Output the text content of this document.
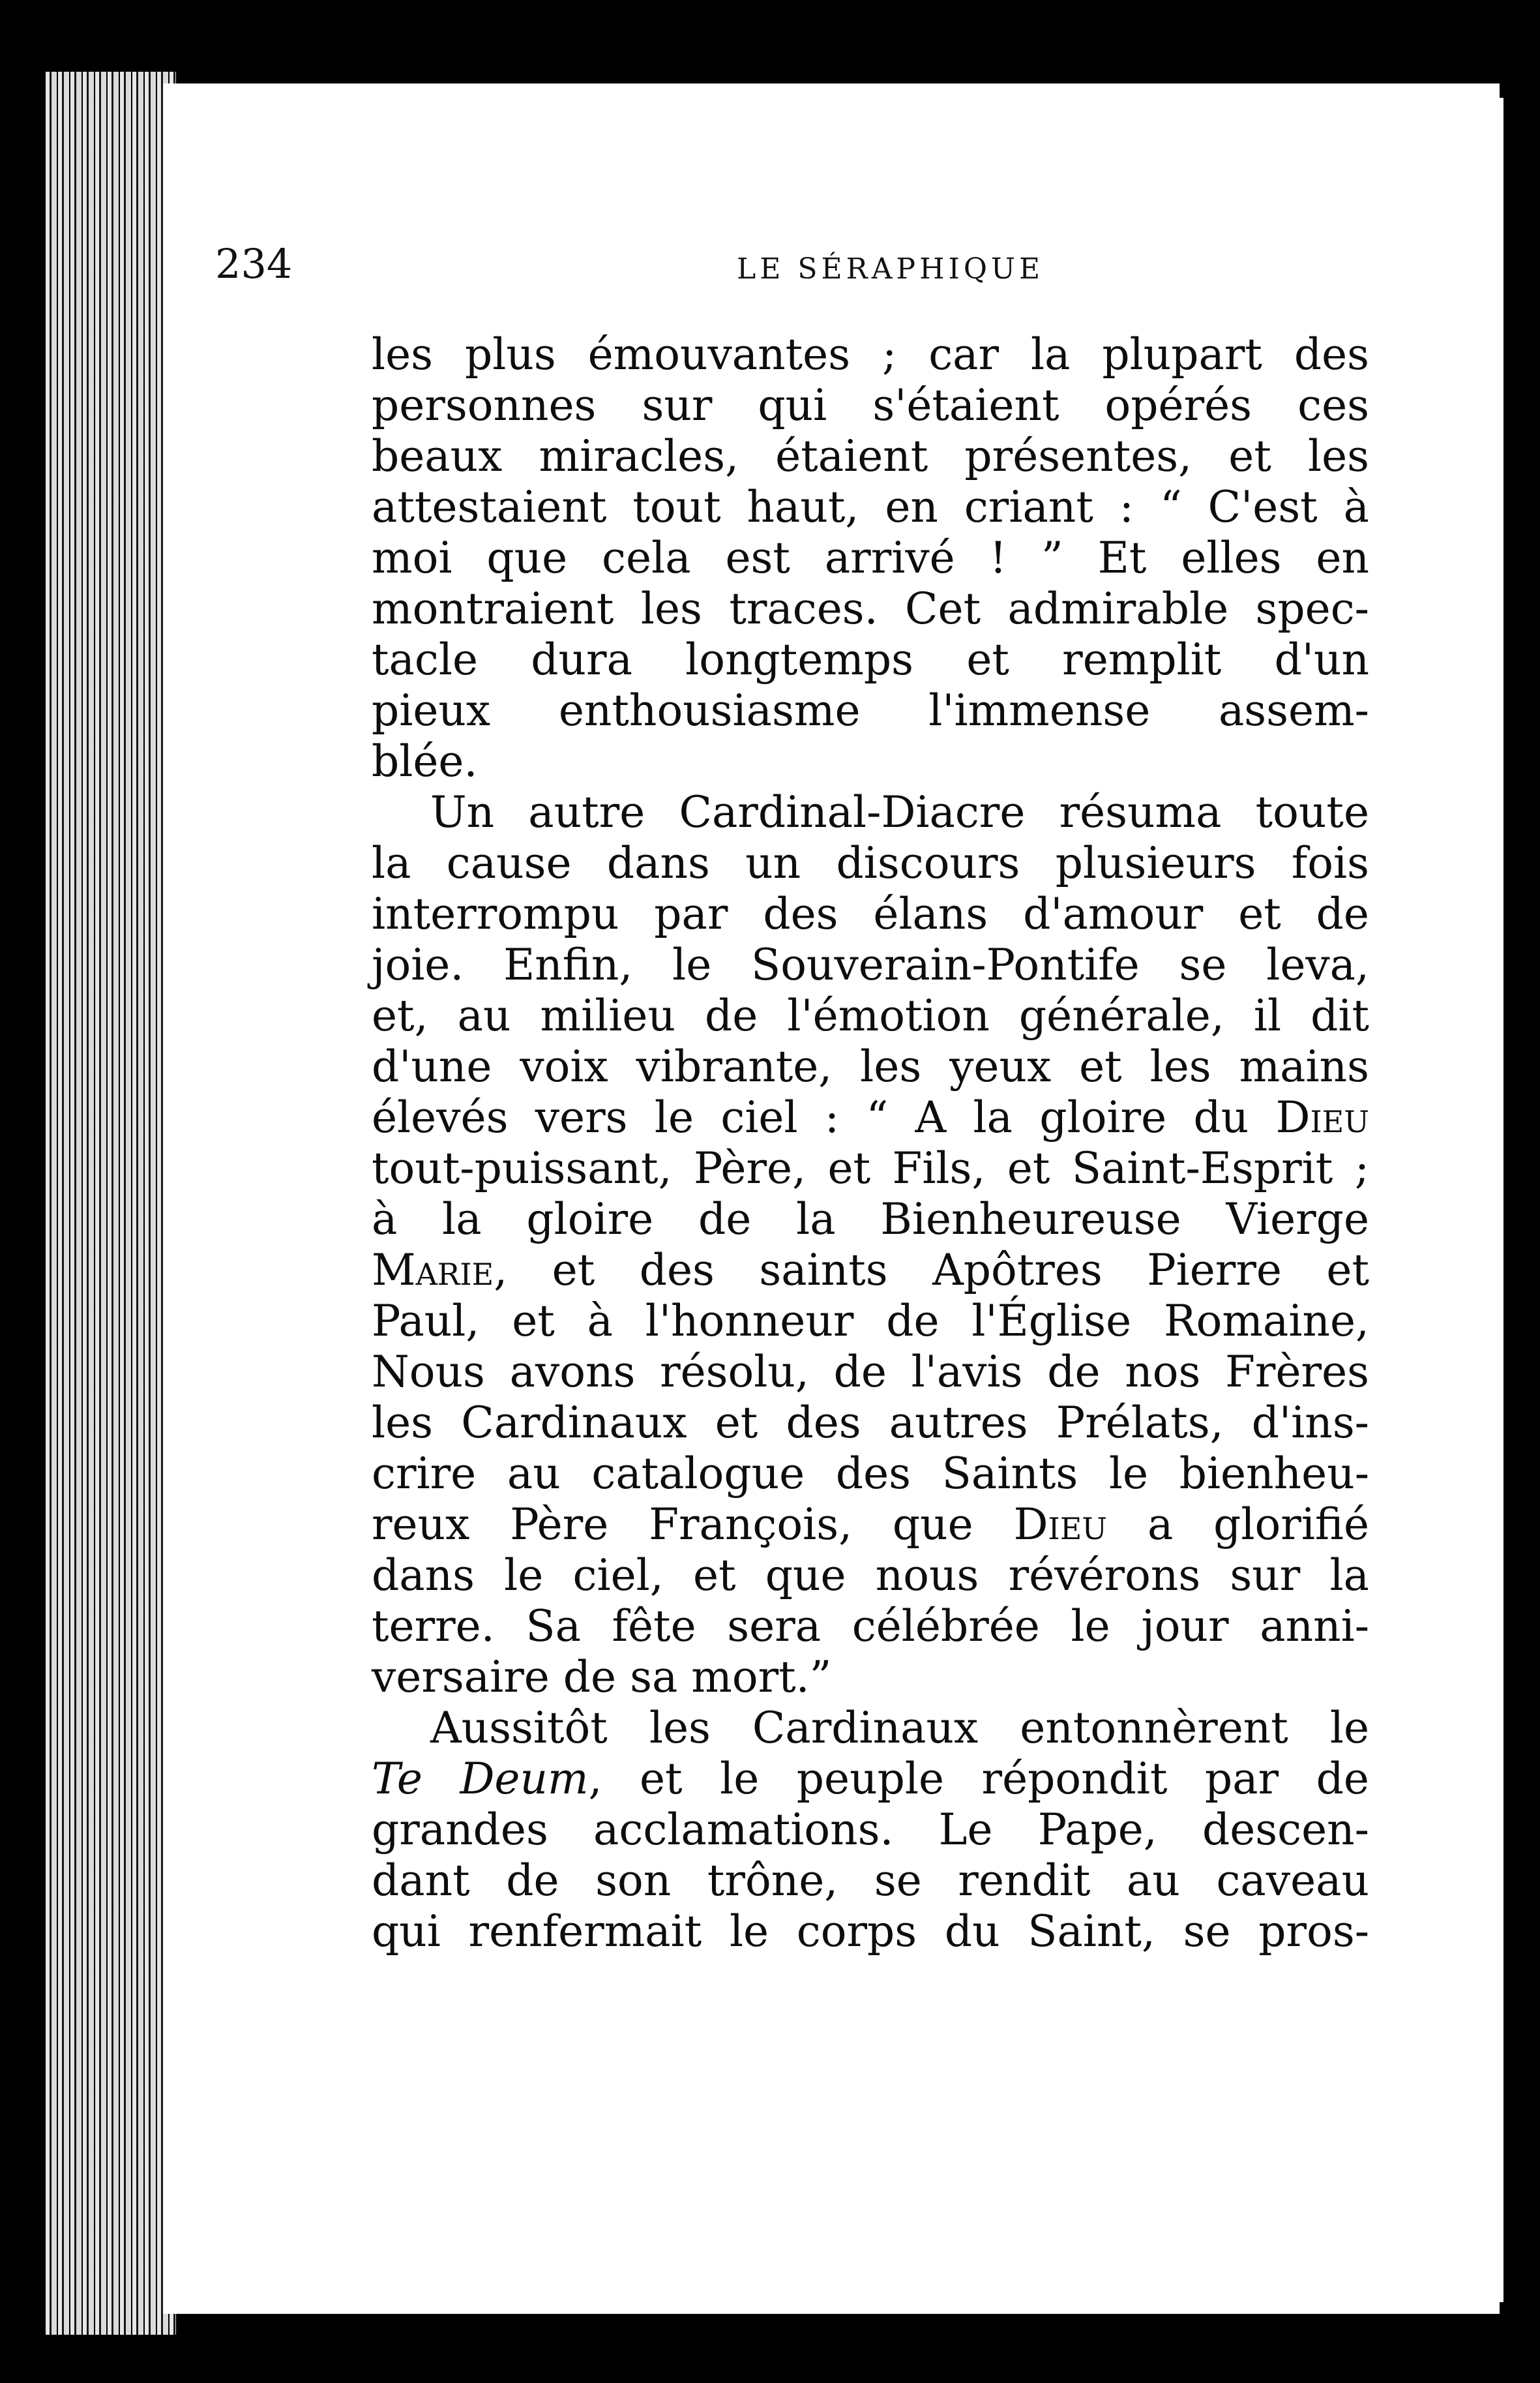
234	LE SÉRAPHIQUE
les plus émouvantes ; car la plupart des
personnes sur qui s'étaient opérés ces
beaux miracles, étaient présentes, et les
attestaient tout haut, en criant : “ C'est à
moi que cela est arrivé ! ” Et elles en
montraient les traces. Cet admirable spec-
tacle dura longtemps et remplit d'un
pieux enthousiasme l'immense assem-
blée.
Un autre Cardinal-Diacre résuma toute
la cause dans un discours plusieurs fois
interrompu par des élans d'amour et de
joie. Enfin, le Souverain-Pontife se leva,
et, au milieu de l'émotion générale, il dit
d'une voix vibrante, les yeux et les mains
élevés vers le ciel : “ A la gloire du Dieu
tout-puissant, Père, et Fils, et Saint-Esprit ;
à la gloire de la Bienheureuse Vierge
Marie, et des saints Apôtres Pierre et
Paul, et à l'honneur de l'Église Romaine,
Nous avons résolu, de l'avis de nos Frères
les Cardinaux et des autres Prélats, d'ins-
crire au catalogue des Saints le bienheu-
reux Père François, que Dieu a glorifié
dans le ciel, et que nous révérons sur la
terre. Sa fête sera célébrée le jour anni-
versaire de sa mort.”
Aussitôt les Cardinaux entonnèrent le
Te Deum, et le peuple répondit par de
grandes acclamations. Le Pape, descen-
dant de son trône, se rendit au caveau
qui renfermait le corps du Saint, se pros-
